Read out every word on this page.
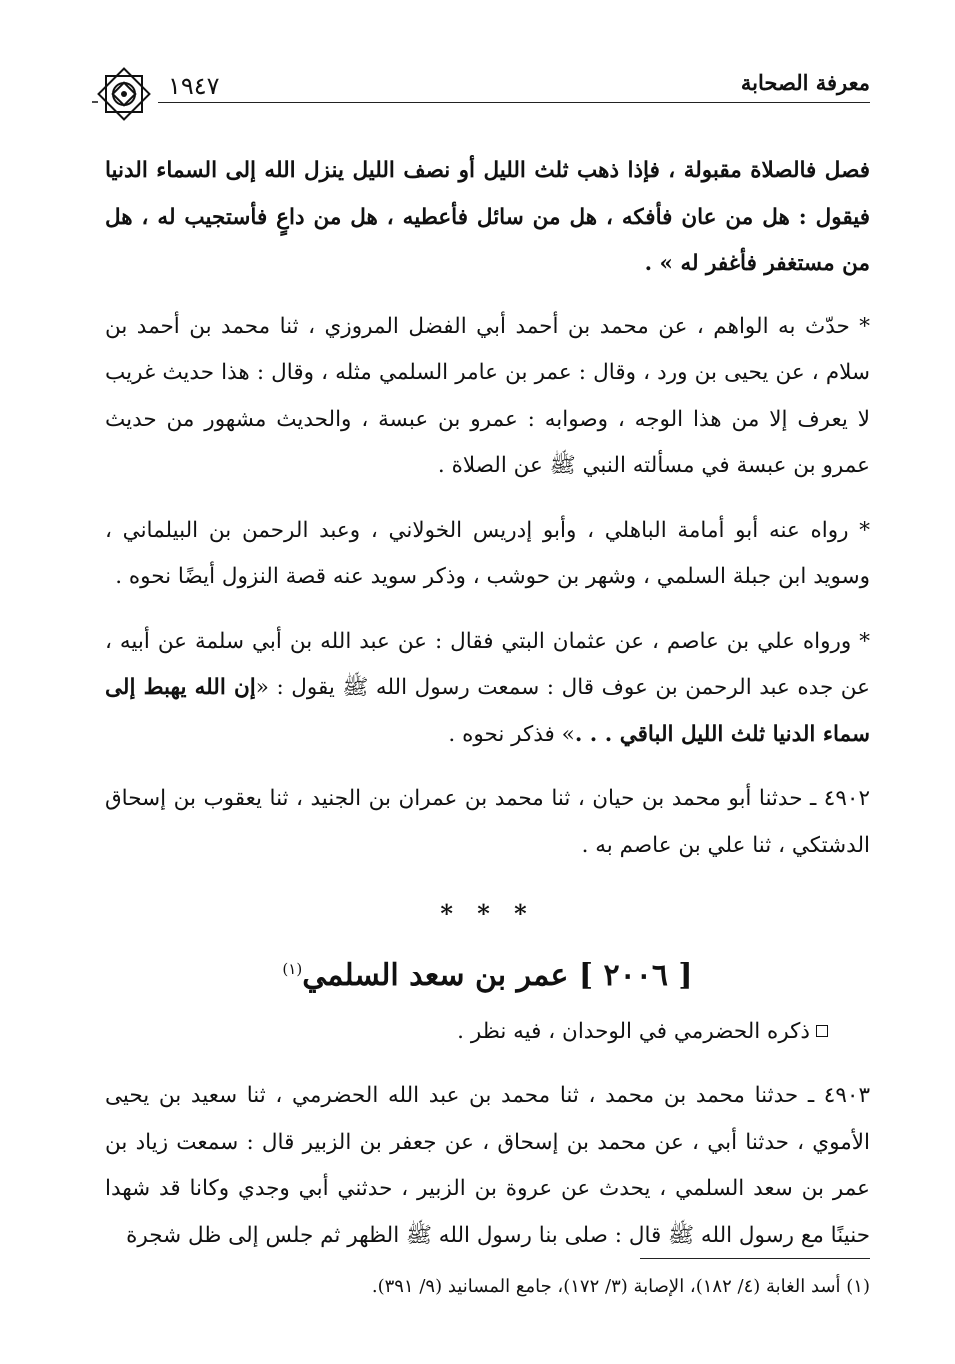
معرفة الصحابة
١٩٤٧

فصل فالصلاة مقبولة ، فإذا ذهب ثلث الليل أو نصف الليل ينزل الله إلى السماء الدنيا فيقول : هل من عان فأفكه ، هل من سائل فأعطيه ، هل من داعٍ فأستجيب له ، هل من مستغفر فأغفر له » .

* حدّث به الواهم ، عن محمد بن أحمد أبي الفضل المروزي ، ثنا محمد بن أحمد بن سلام ، عن يحيى بن ورد ، وقال : عمر بن عامر السلمي مثله ، وقال : هذا حديث غريب لا يعرف إلا من هذا الوجه ، وصوابه : عمرو بن عبسة ، والحديث مشهور من حديث عمرو بن عبسة في مسألته النبي ﷺ عن الصلاة .

* رواه عنه أبو أمامة الباهلي ، وأبو إدريس الخولاني ، وعبد الرحمن بن البيلماني ، وسويد ابن جبلة السلمي ، وشهر بن حوشب ، وذكر سويد عنه قصة النزول أيضًا نحوه .

* ورواه علي بن عاصم ، عن عثمان البتي فقال : عن عبد الله بن أبي سلمة عن أبيه ، عن جده عبد الرحمن بن عوف قال : سمعت رسول الله ﷺ يقول : «إن الله يهبط إلى سماء الدنيا ثلث الليل الباقي . . .» فذكر نحوه .

٤٩٠٢ ـ حدثنا أبو محمد بن حيان ، ثنا محمد بن عمران بن الجنيد ، ثنا يعقوب بن إسحاق الدشتكي ، ثنا علي بن عاصم به .

* * *

[ ٢٠٠٦ ] عمر بن سعد السلمي$^{(١)}$

ذكره الحضرمي في الوحدان ، فيه نظر .

٤٩٠٣ ـ حدثنا محمد بن محمد ، ثنا محمد بن عبد الله الحضرمي ، ثنا سعيد بن يحيى الأموي ، حدثنا أبي ، عن محمد بن إسحاق ، عن جعفر بن الزبير قال : سمعت زياد بن عمر بن سعد السلمي ، يحدث عن عروة بن الزبير ، حدثني أبي وجدي وكانا قد شهدا حنينًا مع رسول الله ﷺ قال : صلى بنا رسول الله ﷺ الظهر ثم جلس إلى ظل شجرة

(١) أسد الغابة (٤/ ١٨٢)، الإصابة (٣/ ١٧٢)، جامع المسانيد (٩/ ٣٩١).
